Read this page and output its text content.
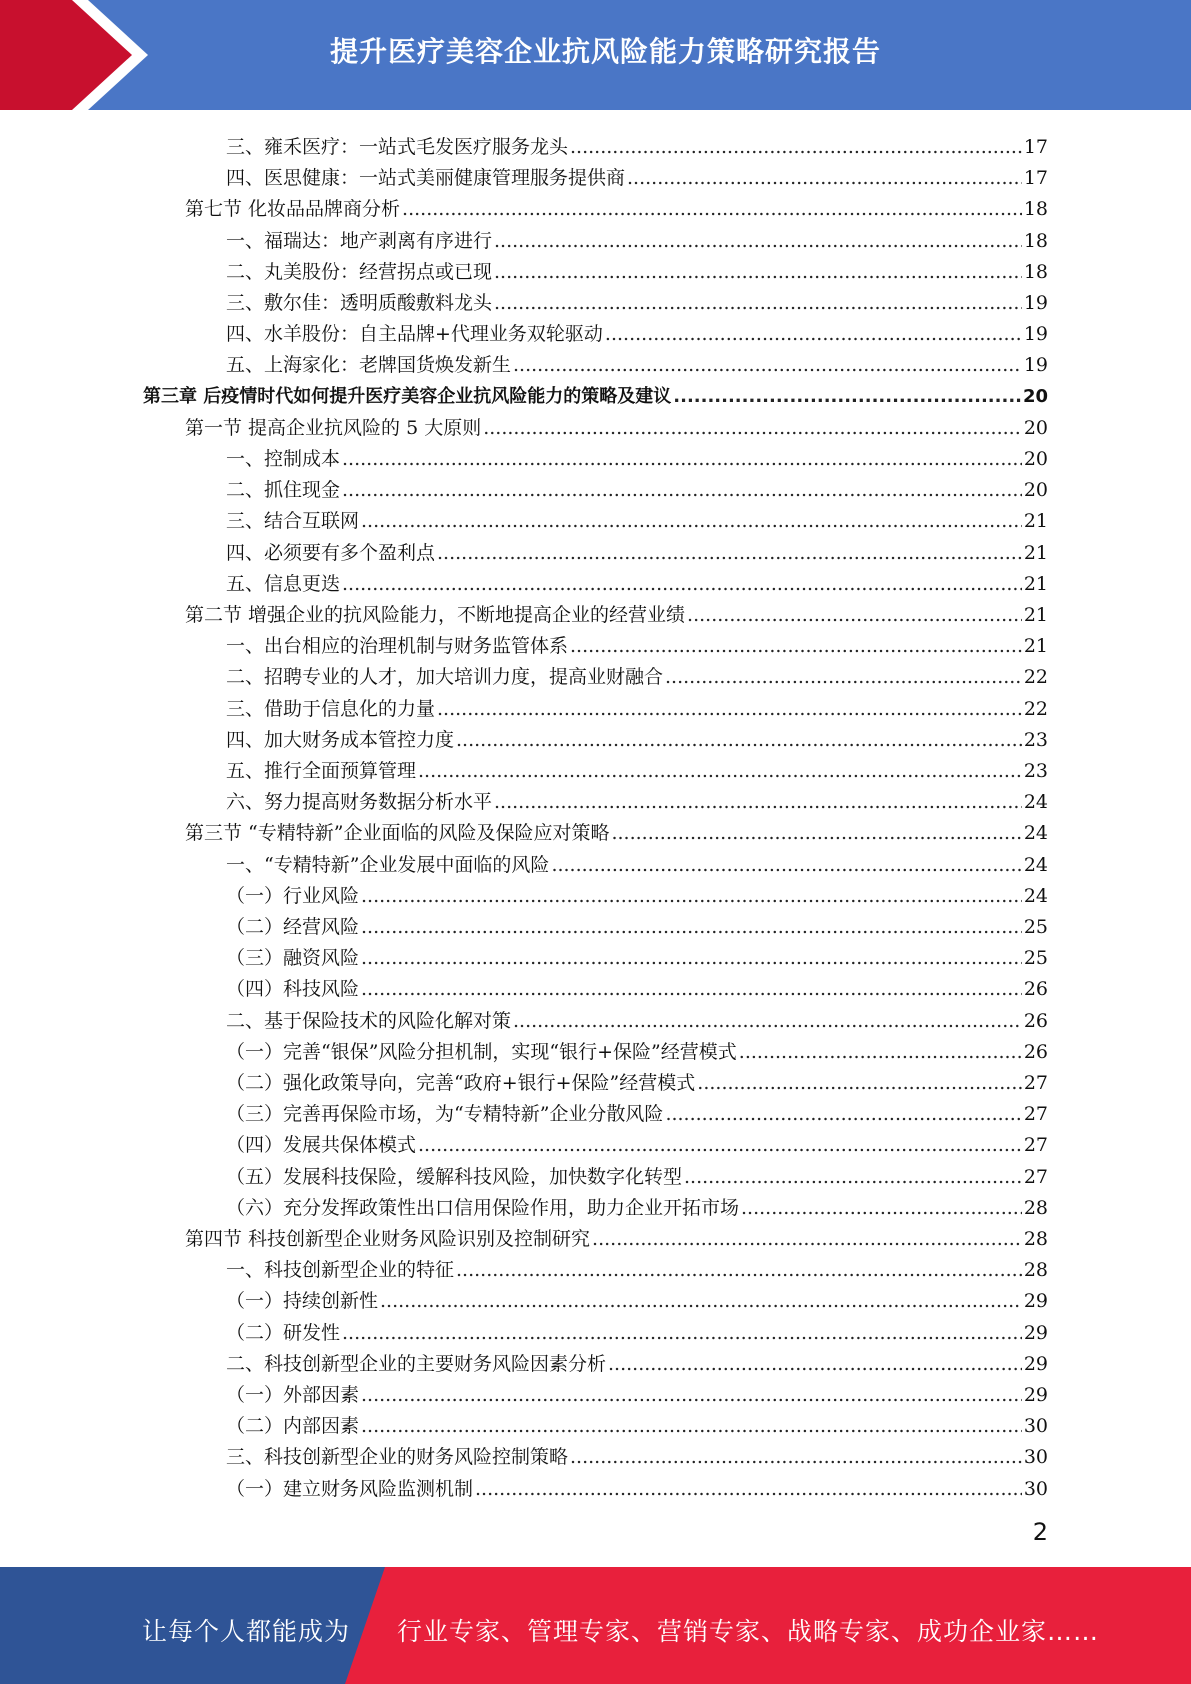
提升医疗美容企业抗风险能力策略研究报告
三、雍禾医疗：一站式毛发医疗服务龙头 .....	17
四、医思健康：一站式美丽健康管理服务提供商 .....	17
第七节 化妆品品牌商分析 .....	18
一、福瑞达：地产剥离有序进行 .....	18
二、丸美股份：经营拐点或已现 .....	18
三、敷尔佳：透明质酸敷料龙头 .....	19
四、水羊股份：自主品牌+代理业务双轮驱动 .....	19
五、上海家化：老牌国货焕发新生 .....	19
第三章 后疫情时代如何提升医疗美容企业抗风险能力的策略及建议 .....	20
第一节 提高企业抗风险的 5 大原则 .....	20
一、控制成本 .....	20
二、抓住现金 .....	20
三、结合互联网 .....	21
四、必须要有多个盈利点 .....	21
五、信息更迭 .....	21
第二节 增强企业的抗风险能力，不断地提高企业的经营业绩 .....	21
一、出台相应的治理机制与财务监管体系 .....	21
二、招聘专业的人才，加大培训力度，提高业财融合 .....	22
三、借助于信息化的力量 .....	22
四、加大财务成本管控力度 .....	23
五、推行全面预算管理 .....	23
六、努力提高财务数据分析水平 .....	24
第三节 “专精特新”企业面临的风险及保险应对策略 .....	24
一、“专精特新”企业发展中面临的风险 .....	24
（一）行业风险 .....	24
（二）经营风险 .....	25
（三）融资风险 .....	25
（四）科技风险 .....	26
二、基于保险技术的风险化解对策 .....	26
（一）完善“银保”风险分担机制，实现“银行+保险”经营模式 .....	26
（二）强化政策导向，完善“政府+银行+保险”经营模式 .....	27
（三）完善再保险市场，为“专精特新”企业分散风险 .....	27
（四）发展共保体模式 .....	27
（五）发展科技保险，缓解科技风险，加快数字化转型 .....	27
（六）充分发挥政策性出口信用保险作用，助力企业开拓市场 .....	28
第四节 科技创新型企业财务风险识别及控制研究 .....	28
一、科技创新型企业的特征 .....	28
（一）持续创新性 .....	29
（二）研发性 .....	29
二、科技创新型企业的主要财务风险因素分析 .....	29
（一）外部因素 .....	29
（二）内部因素 .....	30
三、科技创新型企业的财务风险控制策略 .....	30
（一）建立财务风险监测机制 .....	30
2
让每个人都能成为 行业专家、管理专家、营销专家、战略专家、成功企业家……
